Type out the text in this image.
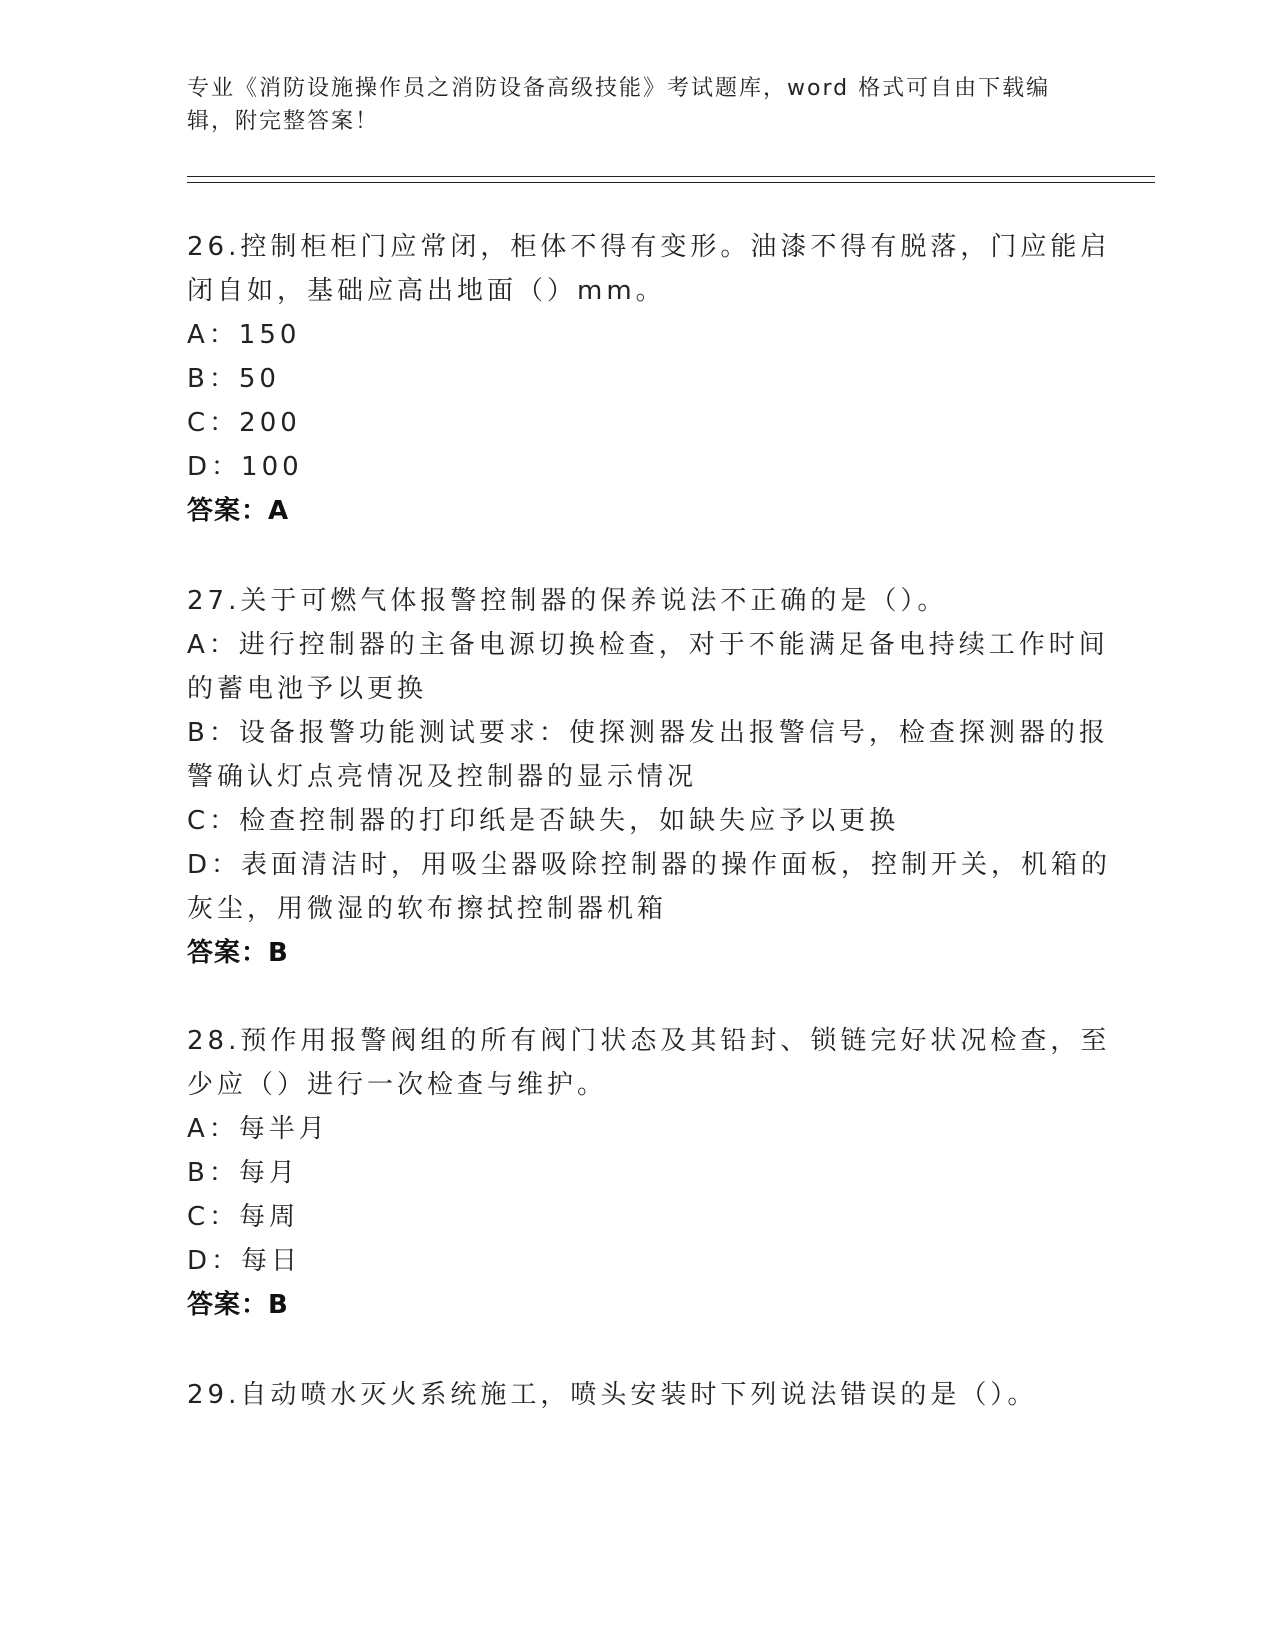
专业《消防设施操作员之消防设备高级技能》考试题库，word 格式可自由下载编
辑，附完整答案！
26.控制柜柜门应常闭，柜体不得有变形。油漆不得有脱落，门应能启
闭自如，基础应高出地面（）mm。
A：150
B：50
C：200
D：100
答案：A
27.关于可燃气体报警控制器的保养说法不正确的是（）。
A：进行控制器的主备电源切换检查，对于不能满足备电持续工作时间
的蓄电池予以更换
B：设备报警功能测试要求：使探测器发出报警信号，检查探测器的报
警确认灯点亮情况及控制器的显示情况
C：检查控制器的打印纸是否缺失，如缺失应予以更换
D：表面清洁时，用吸尘器吸除控制器的操作面板，控制开关，机箱的
灰尘，用微湿的软布擦拭控制器机箱
答案：B
28.预作用报警阀组的所有阀门状态及其铅封、锁链完好状况检查，至
少应（）进行一次检查与维护。
A：每半月
B：每月
C：每周
D：每日
答案：B
29.自动喷水灭火系统施工，喷头安装时下列说法错误的是（）。
